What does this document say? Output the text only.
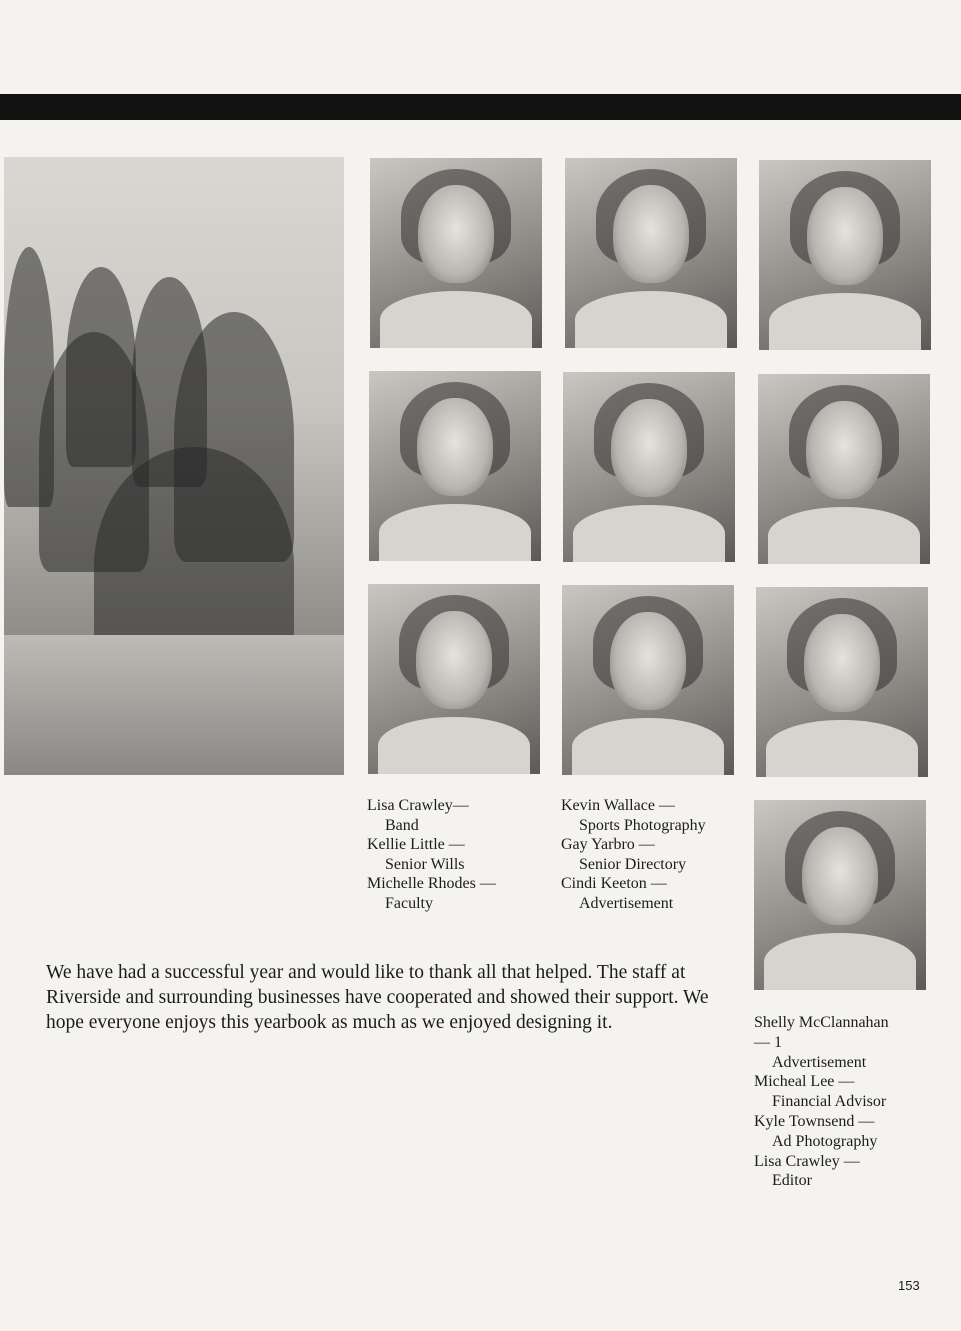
Lisa Crawley—
Band
Kellie Little —
Senior Wills
Michelle Rhodes —
Faculty
Kevin Wallace —
Sports Photography
Gay Yarbro —
Senior Directory
Cindi Keeton —
Advertisement

We have had a successful year and would like to thank all that helped. The staff at Riverside and surrounding businesses have cooperated and showed their support. We hope everyone enjoys this yearbook as much as we enjoyed designing it.	Shelly McClannahan
— 1
Advertisement
Micheal Lee —
Financial Advisor
Kyle Townsend —
Ad Photography
Lisa Crawley —
Editor
153
